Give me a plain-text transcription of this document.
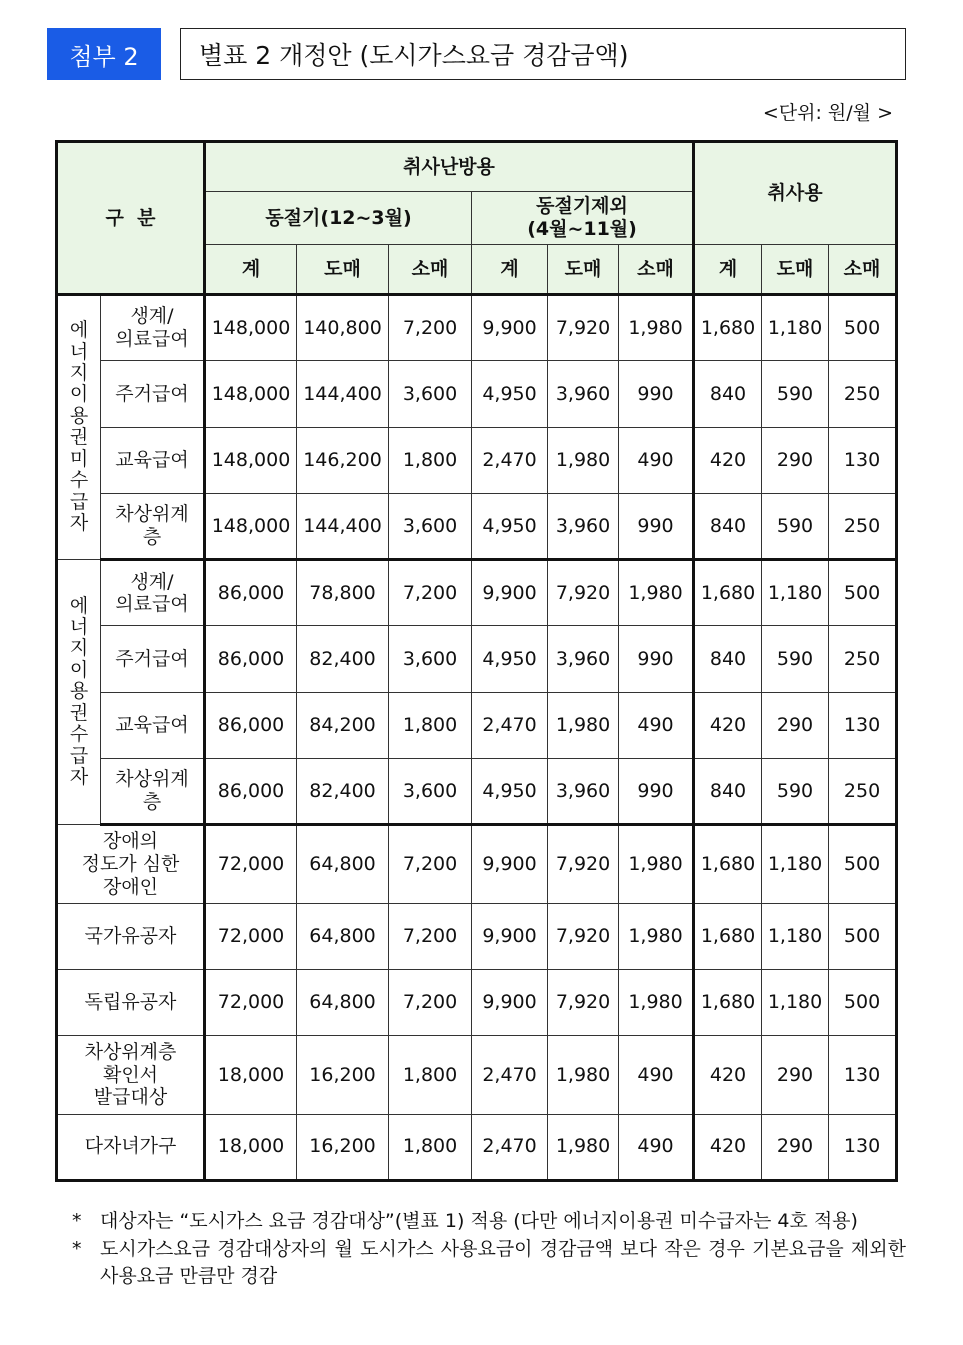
첨부 2	별표 2 개정안 (도시가스요금 경감금액)
<단위: 원/월 >
구  분		취사난방용						취사용		
		동절기(12~3월)			동절기제외
(4월~11월)					
		계	도매	소매	계	도매	소매	계	도매	소매
에너지이용권미수급자	생계/
의료급여	148,000	140,800	7,200	9,900	7,920	1,980	1,680	1,180	500
	주거급여	148,000	144,400	3,600	4,950	3,960	990	840	590	250
	교육급여	148,000	146,200	1,800	2,470	1,980	490	420	290	130
	차상위계
층	148,000	144,400	3,600	4,950	3,960	990	840	590	250
에너지이용권수급자	생계/
의료급여	86,000	78,800	7,200	9,900	7,920	1,980	1,680	1,180	500
	주거급여	86,000	82,400	3,600	4,950	3,960	990	840	590	250
	교육급여	86,000	84,200	1,800	2,470	1,980	490	420	290	130
	차상위계
층	86,000	82,400	3,600	4,950	3,960	990	840	590	250
장애의
정도가 심한
장애인		72,000	64,800	7,200	9,900	7,920	1,980	1,680	1,180	500
국가유공자		72,000	64,800	7,200	9,900	7,920	1,980	1,680	1,180	500
독립유공자		72,000	64,800	7,200	9,900	7,920	1,980	1,680	1,180	500
차상위계층
확인서
발급대상		18,000	16,200	1,800	2,470	1,980	490	420	290	130
다자녀가구		18,000	16,200	1,800	2,470	1,980	490	420	290	130
* 대상자는 “도시가스 요금 경감대상”(별표 1) 적용 (다만 에너지이용권 미수급자는 4호 적용)
* 도시가스요금 경감대상자의 월 도시가스 사용요금이 경감금액 보다 작은 경우 기본요금을 제외한 사용요금 만큼만 경감
